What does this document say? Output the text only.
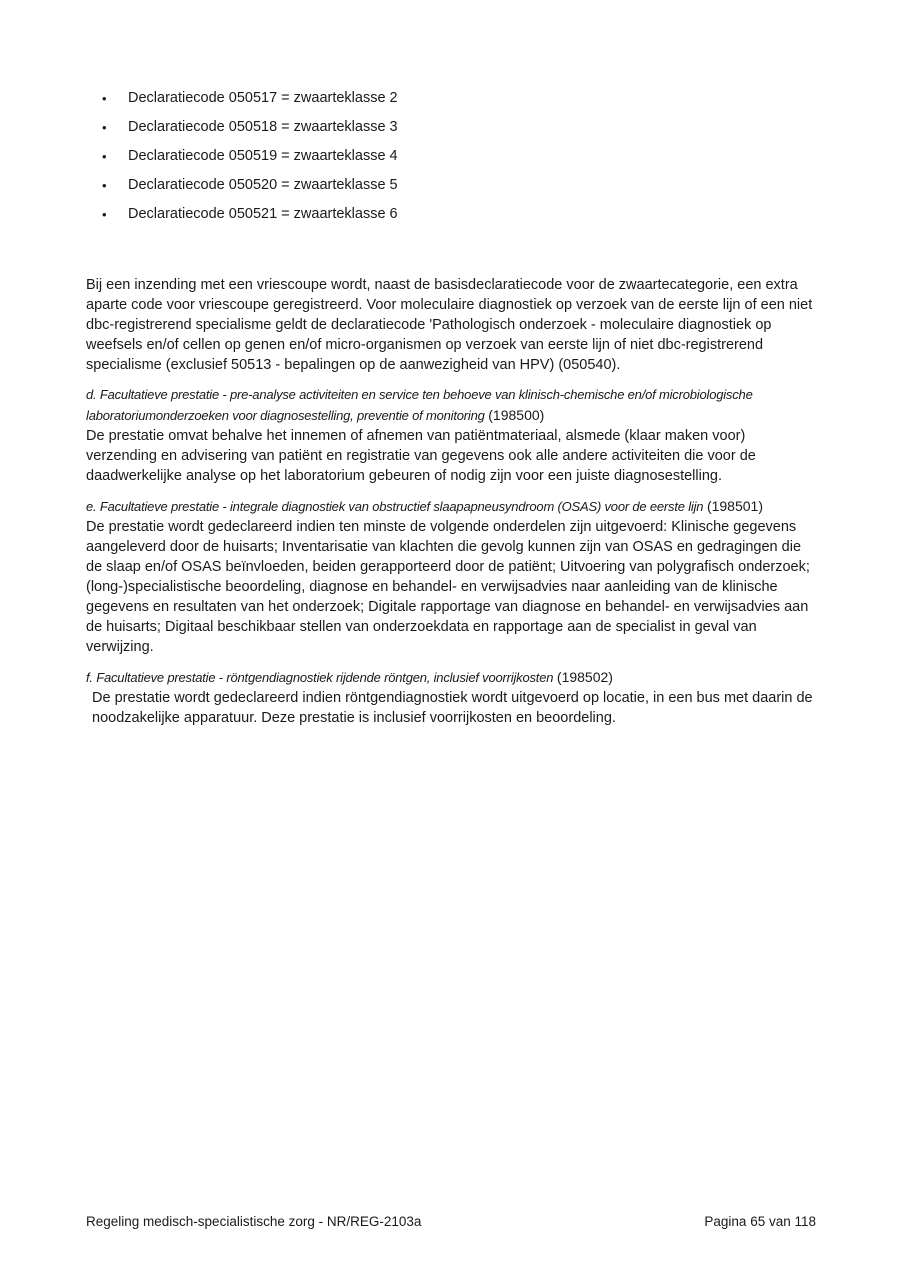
• Declaratiecode 050517 = zwaarteklasse 2
• Declaratiecode 050518 = zwaarteklasse 3
• Declaratiecode 050519 = zwaarteklasse 4
• Declaratiecode 050520 = zwaarteklasse 5
• Declaratiecode 050521 = zwaarteklasse 6

Bij een inzending met een vriescoupe wordt, naast de basisdeclaratiecode voor de zwaartecategorie, een extra aparte code voor vriescoupe geregistreerd. Voor moleculaire diagnostiek op verzoek van de eerste lijn of een niet dbc-registrerend specialisme geldt de declaratiecode 'Pathologisch onderzoek - moleculaire diagnostiek op weefsels en/of cellen op genen en/of micro-organismen op verzoek van eerste lijn of niet dbc-registrerend specialisme (exclusief 50513 - bepalingen op de aanwezigheid van HPV) (050540).

d. Facultatieve prestatie - pre-analyse activiteiten en service ten behoeve van klinisch-chemische en/of microbiologische laboratoriumonderzoeken voor diagnosestelling, preventie of monitoring (198500)

De prestatie omvat behalve het innemen of afnemen van patiëntmateriaal, alsmede (klaar maken voor) verzending en advisering van patiënt en registratie van gegevens ook alle andere activiteiten die voor de daadwerkelijke analyse op het laboratorium gebeuren of nodig zijn voor een juiste diagnosestelling.

e. Facultatieve prestatie - integrale diagnostiek van obstructief slaapapneusyndroom (OSAS) voor de eerste lijn (198501)

De prestatie wordt gedeclareerd indien ten minste de volgende onderdelen zijn uitgevoerd: Klinische gegevens aangeleverd door de huisarts; Inventarisatie van klachten die gevolg kunnen zijn van OSAS en gedragingen die de slaap en/of OSAS beïnvloeden, beiden gerapporteerd door de patiënt; Uitvoering van polygrafisch onderzoek; (long-)specialistische beoordeling, diagnose en behandel- en verwijsadvies naar aanleiding van de klinische gegevens en resultaten van het onderzoek; Digitale rapportage van diagnose en behandel- en verwijsadvies aan de huisarts; Digitaal beschikbaar stellen van onderzoekdata en rapportage aan de specialist in geval van verwijzing.

f. Facultatieve prestatie - röntgendiagnostiek rijdende röntgen, inclusief voorrijkosten (198502)

De prestatie wordt gedeclareerd indien röntgendiagnostiek wordt uitgevoerd op locatie, in een bus met daarin de noodzakelijke apparatuur. Deze prestatie is inclusief voorrijkosten en beoordeling.

Regeling medisch-specialistische zorg - NR/REG-2103a	Pagina 65 van 118
